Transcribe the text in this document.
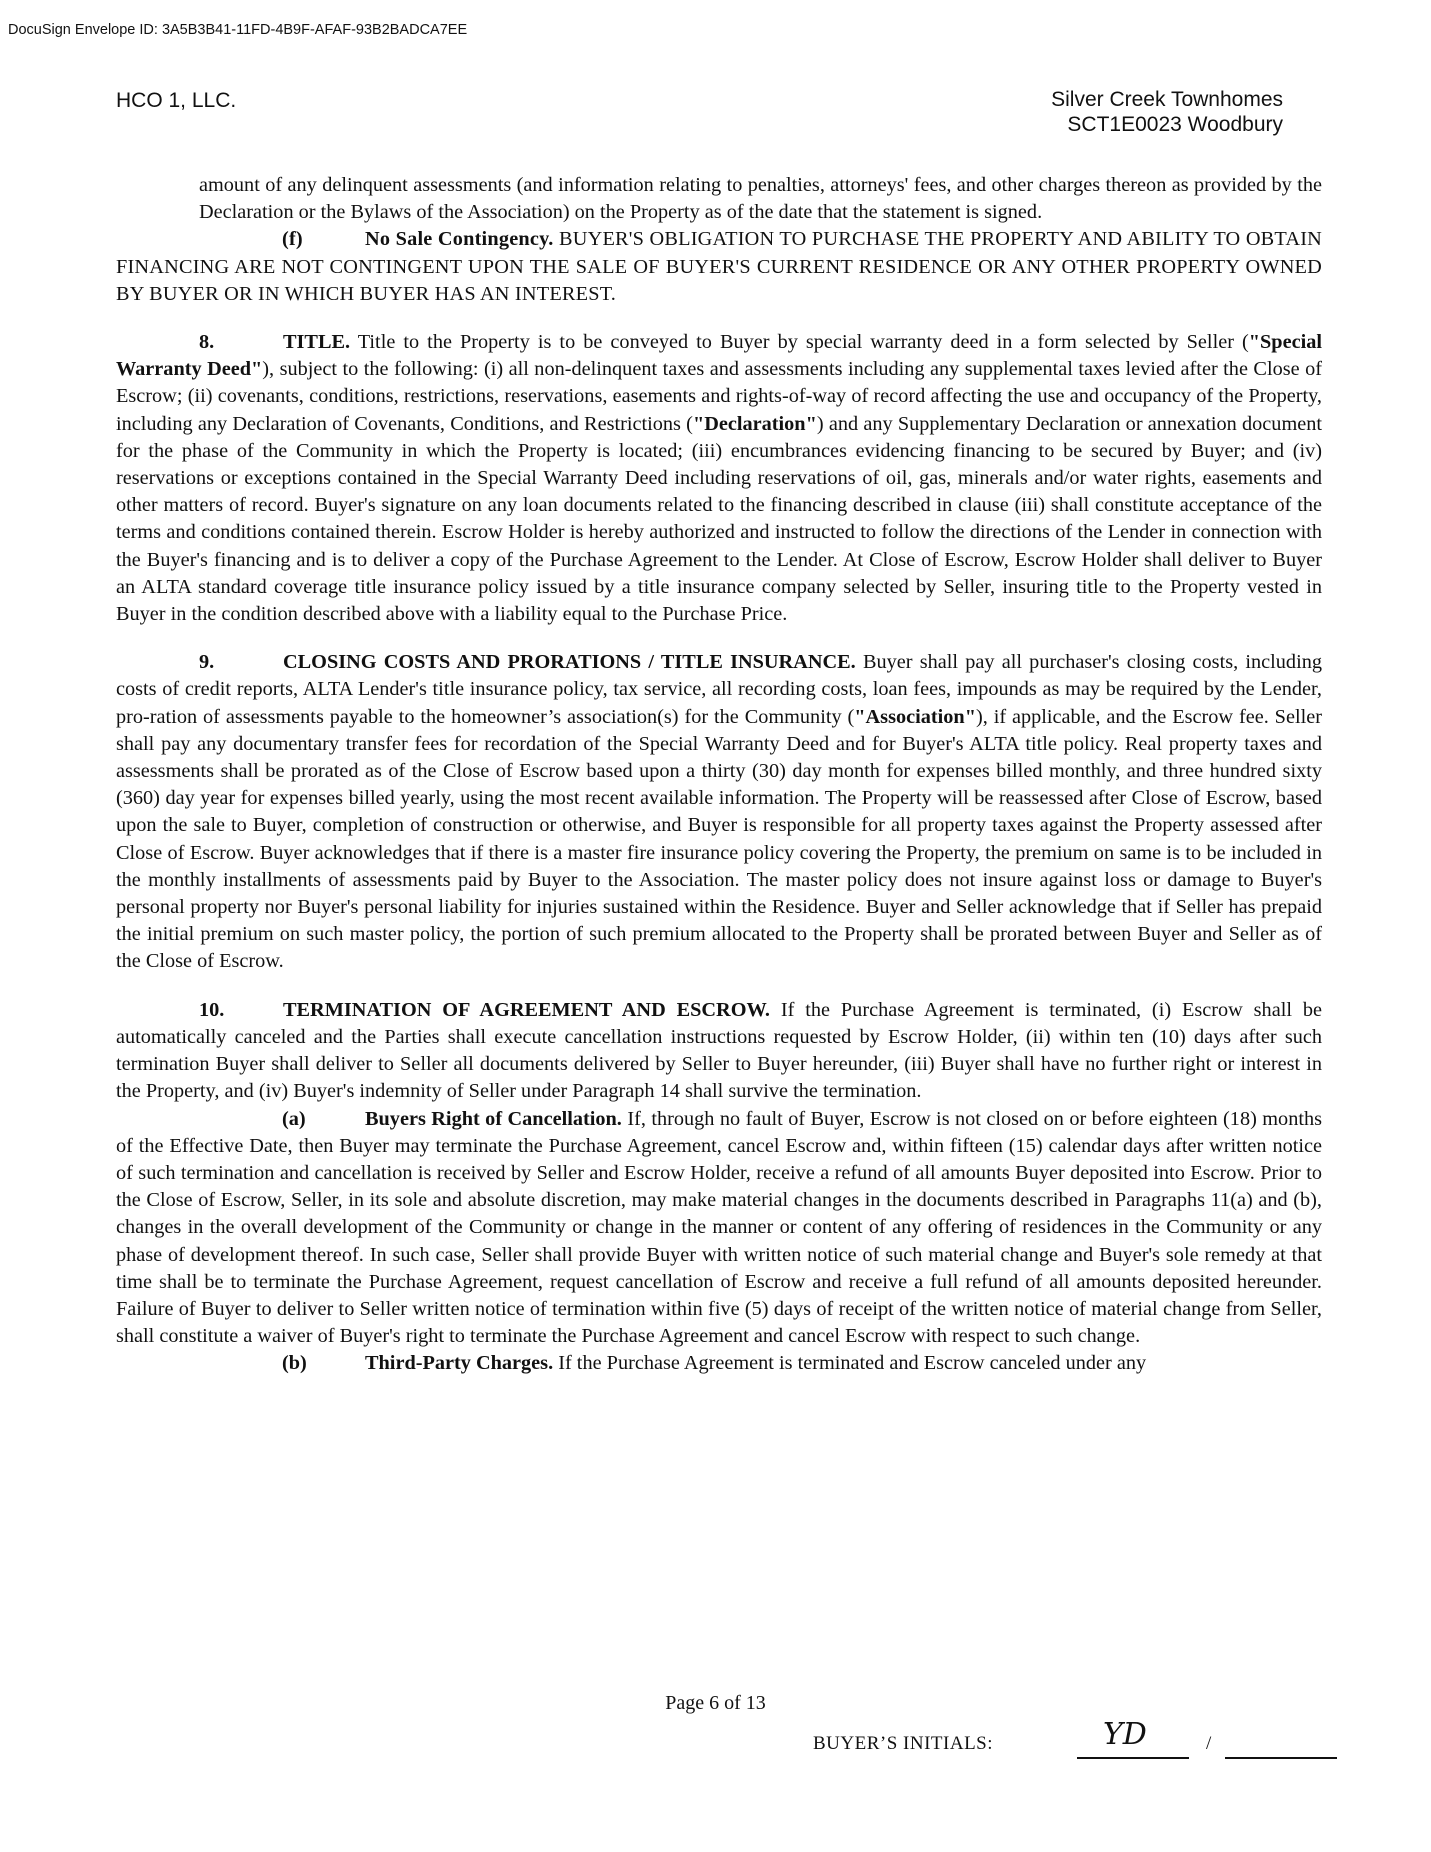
DocuSign Envelope ID: 3A5B3B41-11FD-4B9F-AFAF-93B2BADCA7EE
HCO 1, LLC.	Silver Creek Townhomes
SCT1E0023 Woodbury

amount of any delinquent assessments (and information relating to penalties, attorneys' fees, and other charges thereon as provided by the Declaration or the Bylaws of the Association) on the Property as of the date that the statement is signed.

(f)	No Sale Contingency. BUYER'S OBLIGATION TO PURCHASE THE PROPERTY AND ABILITY TO OBTAIN FINANCING ARE NOT CONTINGENT UPON THE SALE OF BUYER'S CURRENT RESIDENCE OR ANY OTHER PROPERTY OWNED BY BUYER OR IN WHICH BUYER HAS AN INTEREST.

8.	TITLE. Title to the Property is to be conveyed to Buyer by special warranty deed in a form selected by Seller ("Special Warranty Deed"), subject to the following: (i) all non-delinquent taxes and assessments including any supplemental taxes levied after the Close of Escrow; (ii) covenants, conditions, restrictions, reservations, easements and rights-of-way of record affecting the use and occupancy of the Property, including any Declaration of Covenants, Conditions, and Restrictions ("Declaration") and any Supplementary Declaration or annexation document for the phase of the Community in which the Property is located; (iii) encumbrances evidencing financing to be secured by Buyer; and (iv) reservations or exceptions contained in the Special Warranty Deed including reservations of oil, gas, minerals and/or water rights, easements and other matters of record. Buyer's signature on any loan documents related to the financing described in clause (iii) shall constitute acceptance of the terms and conditions contained therein. Escrow Holder is hereby authorized and instructed to follow the directions of the Lender in connection with the Buyer's financing and is to deliver a copy of the Purchase Agreement to the Lender. At Close of Escrow, Escrow Holder shall deliver to Buyer an ALTA standard coverage title insurance policy issued by a title insurance company selected by Seller, insuring title to the Property vested in Buyer in the condition described above with a liability equal to the Purchase Price.

9.	CLOSING COSTS AND PRORATIONS / TITLE INSURANCE. Buyer shall pay all purchaser's closing costs, including costs of credit reports, ALTA Lender's title insurance policy, tax service, all recording costs, loan fees, impounds as may be required by the Lender, pro-ration of assessments payable to the homeowner’s association(s) for the Community ("Association"), if applicable, and the Escrow fee. Seller shall pay any documentary transfer fees for recordation of the Special Warranty Deed and for Buyer's ALTA title policy. Real property taxes and assessments shall be prorated as of the Close of Escrow based upon a thirty (30) day month for expenses billed monthly, and three hundred sixty (360) day year for expenses billed yearly, using the most recent available information. The Property will be reassessed after Close of Escrow, based upon the sale to Buyer, completion of construction or otherwise, and Buyer is responsible for all property taxes against the Property assessed after Close of Escrow. Buyer acknowledges that if there is a master fire insurance policy covering the Property, the premium on same is to be included in the monthly installments of assessments paid by Buyer to the Association. The master policy does not insure against loss or damage to Buyer's personal property nor Buyer's personal liability for injuries sustained within the Residence. Buyer and Seller acknowledge that if Seller has prepaid the initial premium on such master policy, the portion of such premium allocated to the Property shall be prorated between Buyer and Seller as of the Close of Escrow.

10.	TERMINATION OF AGREEMENT AND ESCROW. If the Purchase Agreement is terminated, (i) Escrow shall be automatically canceled and the Parties shall execute cancellation instructions requested by Escrow Holder, (ii) within ten (10) days after such termination Buyer shall deliver to Seller all documents delivered by Seller to Buyer hereunder, (iii) Buyer shall have no further right or interest in the Property, and (iv) Buyer's indemnity of Seller under Paragraph 14 shall survive the termination.

(a)	Buyers Right of Cancellation. If, through no fault of Buyer, Escrow is not closed on or before eighteen (18) months of the Effective Date, then Buyer may terminate the Purchase Agreement, cancel Escrow and, within fifteen (15) calendar days after written notice of such termination and cancellation is received by Seller and Escrow Holder, receive a refund of all amounts Buyer deposited into Escrow. Prior to the Close of Escrow, Seller, in its sole and absolute discretion, may make material changes in the documents described in Paragraphs 11(a) and (b), changes in the overall development of the Community or change in the manner or content of any offering of residences in the Community or any phase of development thereof. In such case, Seller shall provide Buyer with written notice of such material change and Buyer's sole remedy at that time shall be to terminate the Purchase Agreement, request cancellation of Escrow and receive a full refund of all amounts deposited hereunder. Failure of Buyer to deliver to Seller written notice of termination within five (5) days of receipt of the written notice of material change from Seller, shall constitute a waiver of Buyer's right to terminate the Purchase Agreement and cancel Escrow with respect to such change.

(b)	Third-Party Charges. If the Purchase Agreement is terminated and Escrow canceled under any

Page 6 of 13
BUYER’S INITIALS:	YD	/
